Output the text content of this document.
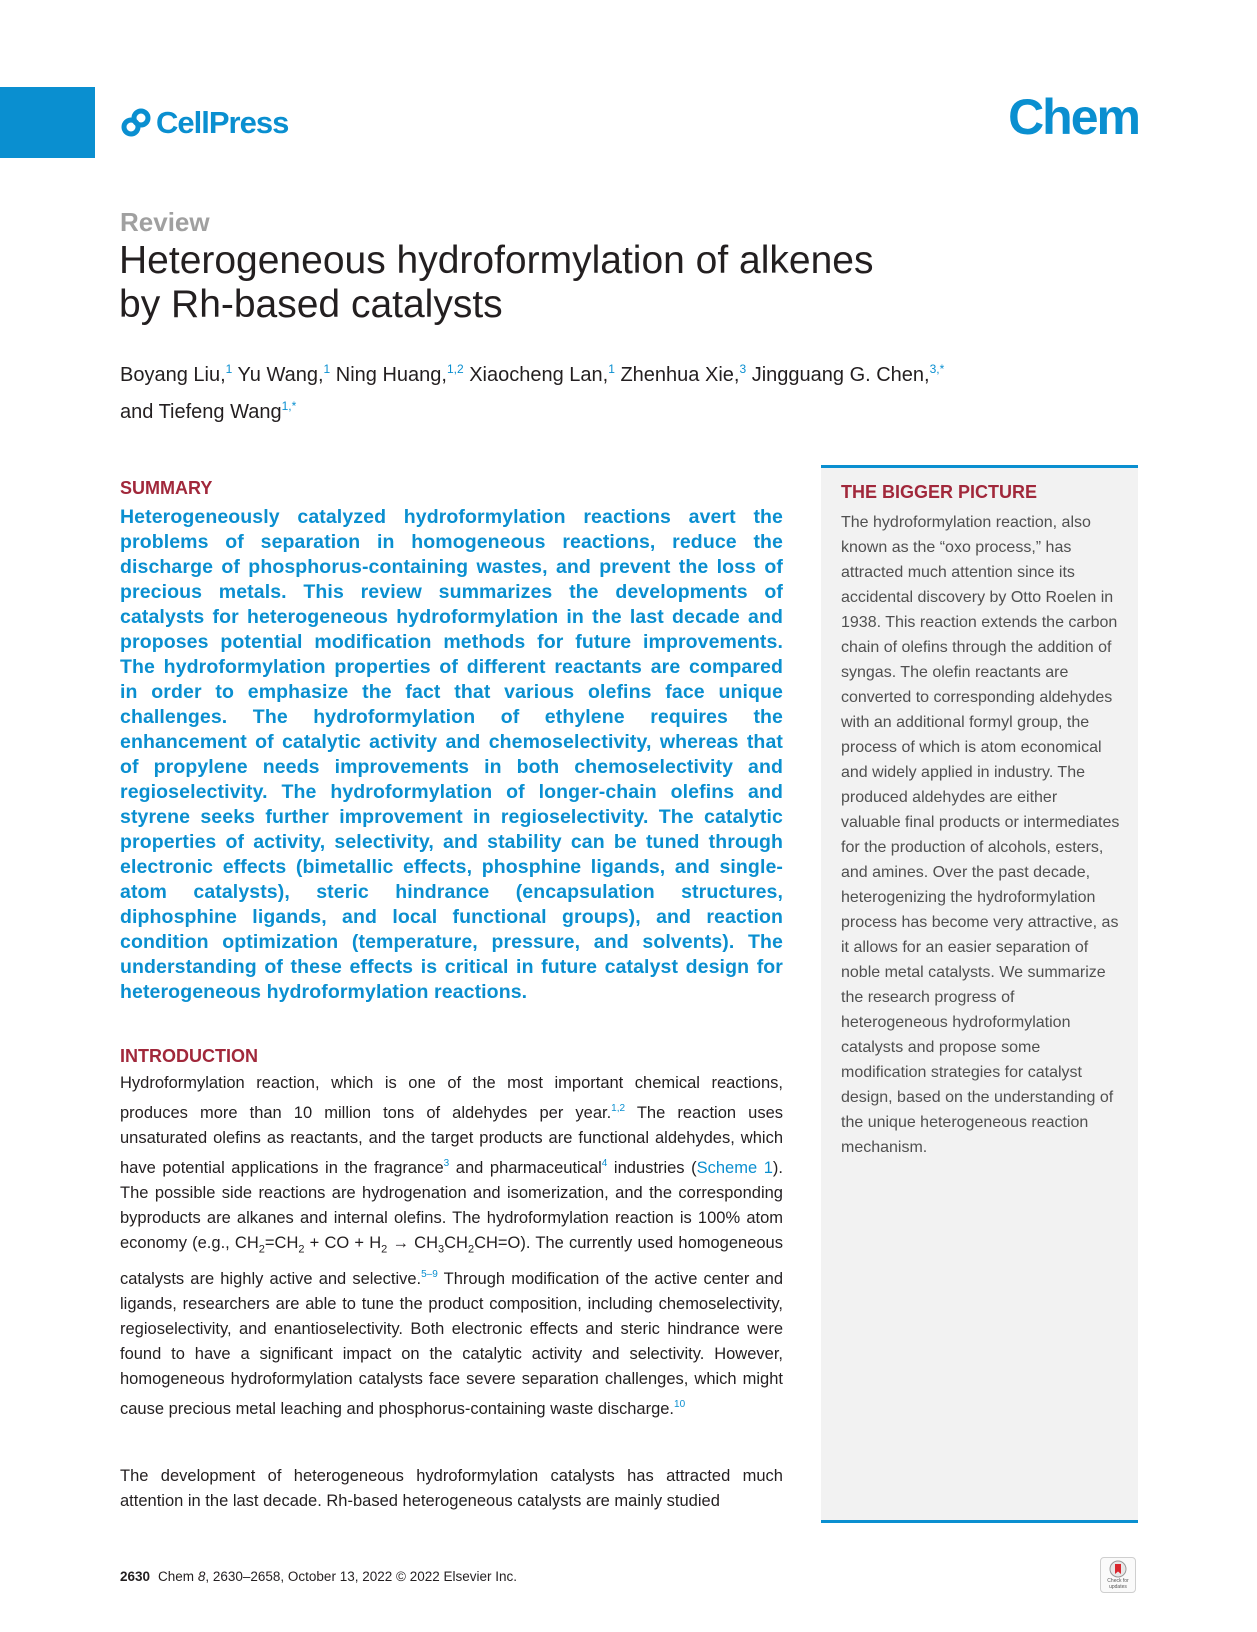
CellPress	Chem
Review
Heterogeneous hydroformylation of alkenes
by Rh-based catalysts
Boyang Liu,$^1$ Yu Wang,$^1$ Ning Huang,$^{1,2}$ Xiaocheng Lan,$^1$ Zhenhua Xie,$^3$ Jingguang G. Chen,$^{3,*}$
and Tiefeng Wang$^{1,*}$
SUMMARY
Heterogeneously catalyzed hydroformylation reactions avert the problems of separation in homogeneous reactions, reduce the discharge of phosphorus-containing wastes, and prevent the loss of precious metals. This review summarizes the developments of catalysts for heterogeneous hydroformylation in the last decade and proposes potential modification methods for future improvements. The hydroformylation properties of different reactants are compared in order to emphasize the fact that various olefins face unique challenges. The hydroformylation of ethylene requires the enhancement of catalytic activity and chemoselectivity, whereas that of propylene needs improvements in both chemoselectivity and regioselectivity. The hydroformylation of longer-chain olefins and styrene seeks further improvement in regioselectivity. The catalytic properties of activity, selectivity, and stability can be tuned through electronic effects (bimetallic effects, phosphine ligands, and single-atom catalysts), steric hindrance (encapsulation structures, diphosphine ligands, and local functional groups), and reaction condition optimization (temperature, pressure, and solvents). The understanding of these effects is critical in future catalyst design for heterogeneous hydroformylation reactions.
INTRODUCTION
Hydroformylation reaction, which is one of the most important chemical reactions, produces more than 10 million tons of aldehydes per year.$^{1,2}$ The reaction uses unsaturated olefins as reactants, and the target products are functional aldehydes, which have potential applications in the fragrance$^3$ and pharmaceutical$^4$ industries (Scheme 1). The possible side reactions are hydrogenation and isomerization, and the corresponding byproducts are alkanes and internal olefins. The hydroformylation reaction is 100% atom economy (e.g., $CH_2=CH_2$ + CO + $H_2 \to CH_3CH_2CH=O$). The currently used homogeneous catalysts are highly active and selective.$^{5-9}$ Through modification of the active center and ligands, researchers are able to tune the product composition, including chemoselectivity, regioselectivity, and enantioselectivity. Both electronic effects and steric hindrance were found to have a significant impact on the catalytic activity and selectivity. However, homogeneous hydroformylation catalysts face severe separation challenges, which might cause precious metal leaching and phosphorus-containing waste discharge.$^{10}$
The development of heterogeneous hydroformylation catalysts has attracted much attention in the last decade. Rh-based heterogeneous catalysts are mainly studied
THE BIGGER PICTURE
The hydroformylation reaction, also known as the “oxo process,” has attracted much attention since its accidental discovery by Otto Roelen in 1938. This reaction extends the carbon chain of olefins through the addition of syngas. The olefin reactants are converted to corresponding aldehydes with an additional formyl group, the process of which is atom economical and widely applied in industry. The produced aldehydes are either valuable final products or intermediates for the production of alcohols, esters, and amines. Over the past decade, heterogenizing the hydroformylation process has become very attractive, as it allows for an easier separation of noble metal catalysts. We summarize the research progress of heterogeneous hydroformylation catalysts and propose some modification strategies for catalyst design, based on the understanding of the unique heterogeneous reaction mechanism.
2630 Chem 8, 2630–2658, October 13, 2022 © 2022 Elsevier Inc.	Check for updates
